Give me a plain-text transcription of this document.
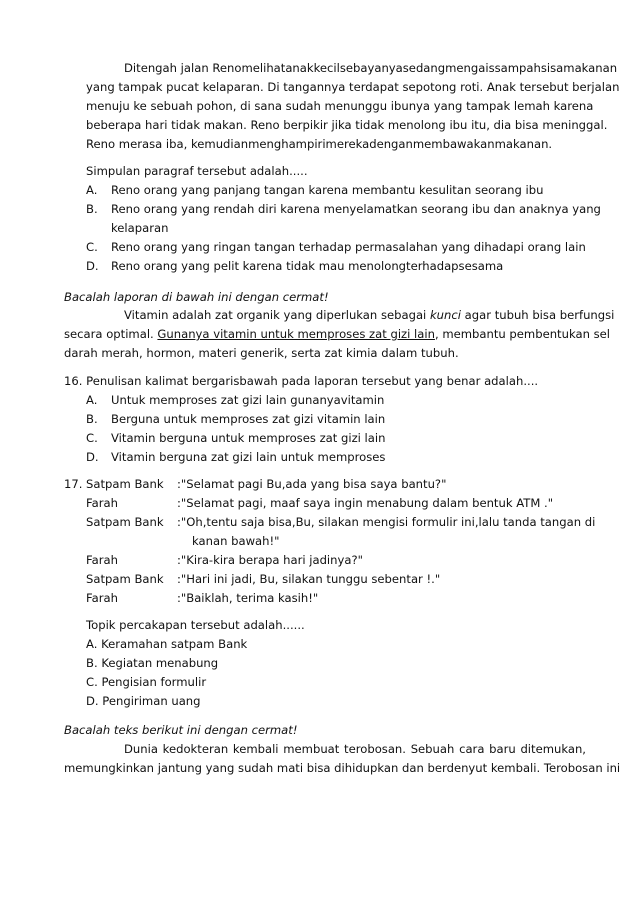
Ditengah jalan Renomelihatanakkecilsebayanyasedangmengaissampahsisamakanan
yang tampak pucat kelaparan. Di tangannya terdapat sepotong roti. Anak tersebut berjalan
menuju ke sebuah pohon, di sana sudah menunggu ibunya yang tampak lemah karena
beberapa hari tidak makan. Reno berpikir jika tidak menolong ibu itu, dia bisa meninggal.
Reno merasa iba, kemudianmenghampirimerekadenganmembawakanmakanan.
Simpulan paragraf tersebut adalah.....
A. Reno orang yang panjang tangan karena membantu kesulitan seorang ibu
B. Reno orang yang rendah diri karena menyelamatkan seorang ibu dan anaknya yang
kelaparan
C. Reno orang yang ringan tangan terhadap permasalahan yang dihadapi orang lain
D. Reno orang yang pelit karena tidak mau menolongterhadapsesama
Bacalah laporan di bawah ini dengan cermat!
Vitamin adalah zat organik yang diperlukan sebagai kunci agar tubuh bisa berfungsi
secara optimal. Gunanya vitamin untuk memproses zat gizi lain, membantu pembentukan sel
darah merah, hormon, materi generik, serta zat kimia dalam tubuh.
16. Penulisan kalimat bergarisbawah pada laporan tersebut yang benar adalah....
A. Untuk memproses zat gizi lain gunanyavitamin
B. Berguna untuk memproses zat gizi vitamin lain
C. Vitamin berguna untuk memproses zat gizi lain
D. Vitamin berguna zat gizi lain untuk memproses
17. Satpam Bank :"Selamat pagi Bu,ada yang bisa saya bantu?"
Farah	:"Selamat pagi, maaf saya ingin menabung dalam bentuk ATM ."
Satpam Bank :"Oh,tentu saja bisa,Bu, silakan mengisi formulir ini,lalu tanda tangan di
kanan bawah!"
Farah	:"Kira-kira berapa hari jadinya?"
Satpam Bank :"Hari ini jadi, Bu, silakan tunggu sebentar !."
Farah	:"Baiklah, terima kasih!"
Topik percakapan tersebut adalah......
A. Keramahan satpam Bank
B. Kegiatan menabung
C. Pengisian formulir
D. Pengiriman uang
Bacalah teks berikut ini dengan cermat!
Dunia kedokteran kembali membuat terobosan. Sebuah cara baru ditemukan,
memungkinkan jantung yang sudah mati bisa dihidupkan dan berdenyut kembali. Terobosan ini
